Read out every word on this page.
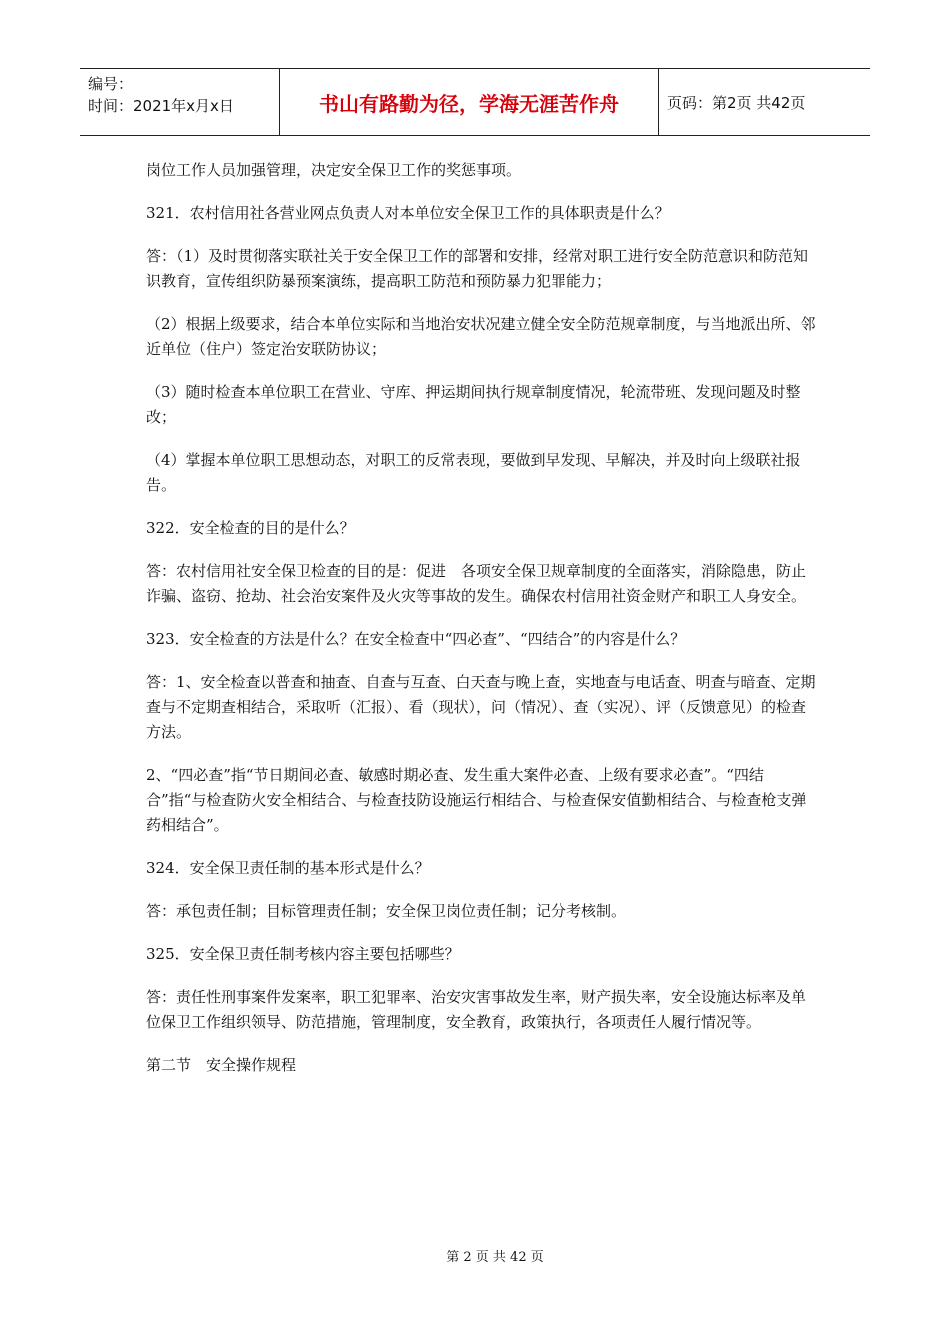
编号：
时间：2021年x月x日	书山有路勤为径，学海无涯苦作舟	页码：第2页 共42页

岗位工作人员加强管理，决定安全保卫工作的奖惩事项。

321．农村信用社各营业网点负责人对本单位安全保卫工作的具体职责是什么？

答：（1）及时贯彻落实联社关于安全保卫工作的部署和安排，经常对职工进行安全防范意识和防范知识教育，宣传组织防暴预案演练，提高职工防范和预防暴力犯罪能力；

（2）根据上级要求，结合本单位实际和当地治安状况建立健全安全防范规章制度，与当地派出所、邻近单位（住户）签定治安联防协议；

（3）随时检查本单位职工在营业、守库、押运期间执行规章制度情况，轮流带班、发现问题及时整改；

（4）掌握本单位职工思想动态，对职工的反常表现，要做到早发现、早解决，并及时向上级联社报告。

322．安全检查的目的是什么？

答：农村信用社安全保卫检查的目的是：促进　各项安全保卫规章制度的全面落实，消除隐患，防止诈骗、盗窃、抢劫、社会治安案件及火灾等事故的发生。确保农村信用社资金财产和职工人身安全。

323．安全检查的方法是什么？在安全检查中“四必查”、“四结合”的内容是什么？

答：1、安全检查以普查和抽查、自查与互查、白天查与晚上查，实地查与电话查、明查与暗查、定期查与不定期查相结合，采取听（汇报）、看（现状），问（情况）、查（实况）、评（反馈意见）的检查方法。

2、“四必查”指“节日期间必查、敏感时期必查、发生重大案件必查、上级有要求必查”。“四结合”指“与检查防火安全相结合、与检查技防设施运行相结合、与检查保安值勤相结合、与检查枪支弹药相结合”。

324．安全保卫责任制的基本形式是什么？

答：承包责任制；目标管理责任制；安全保卫岗位责任制；记分考核制。

325．安全保卫责任制考核内容主要包括哪些？

答：责任性刑事案件发案率，职工犯罪率、治安灾害事故发生率，财产损失率，安全设施达标率及单位保卫工作组织领导、防范措施，管理制度，安全教育，政策执行，各项责任人履行情况等。

第二节　安全操作规程

第 2 页 共 42 页
